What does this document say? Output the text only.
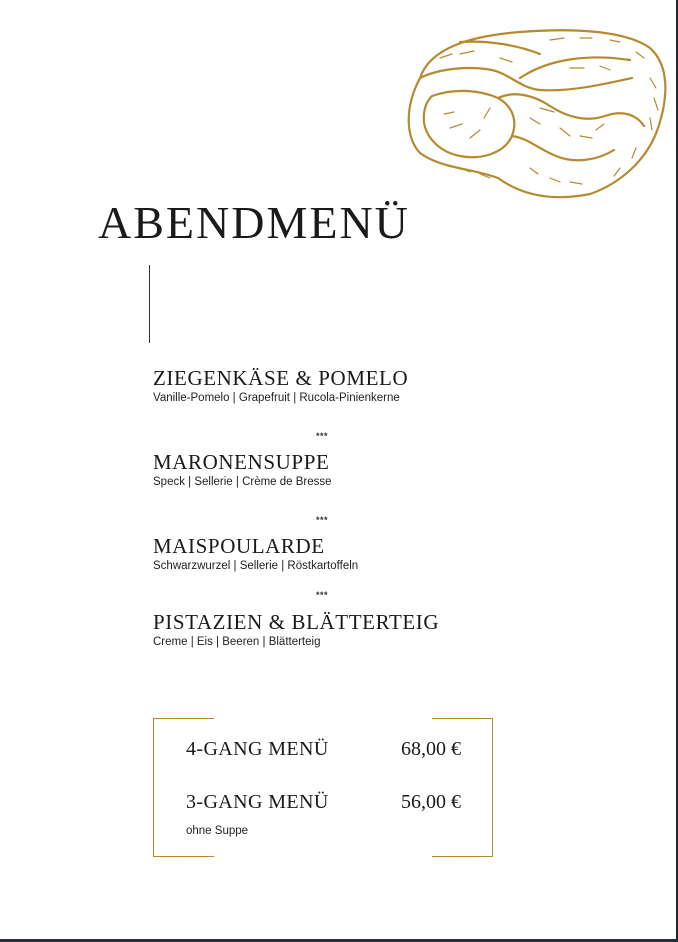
ABENDMENÜ
ZIEGENKÄSE & POMELO
Vanille-Pomelo | Grapefruit | Rucola-Pinienkerne
***
MARONENSUPPE
Speck | Sellerie | Crème de Bresse
***
MAISPOULARDE
Schwarzwurzel | Sellerie | Röstkartoffeln
***
PISTAZIEN & BLÄTTERTEIG
Creme | Eis | Beeren | Blätterteig
4-GANG MENÜ	68,00 €
3-GANG MENÜ	56,00 €
ohne Suppe
